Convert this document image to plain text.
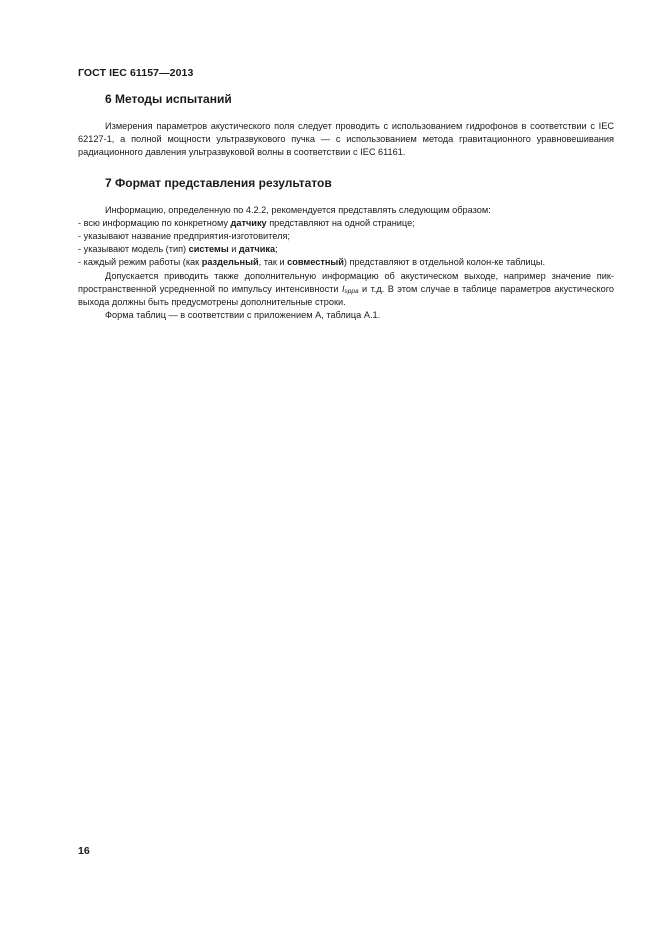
ГОСТ IEC 61157—2013
6 Методы испытаний

Измерения параметров акустического поля следует проводить с использованием гидрофонов в соответствии с IEC 62127-1, а полной мощности ультразвукового пучка — с использованием метода гравитационного уравновешивания радиационного давления ультразвуковой волны в соответствии с IEC 61161.

7 Формат представления результатов

Информацию, определенную по 4.2.2, рекомендуется представлять следующим образом:

- всю информацию по конкретному датчику представляют на одной странице;

- указывают название предприятия-изготовителя;

- указывают модель (тип) системы и датчика;

- каждый режим работы (как раздельный, так и совместный) представляют в отдельной колон-ке таблицы.

Допускается приводить также дополнительную информацию об акустическом выходе, например значение пик-пространственной усредненной по импульсу интенсивности $I_{sppa}$ и т.д. В этом случае в таблице параметров акустического выхода должны быть предусмотрены дополнительные строки.

Форма таблиц — в соответствии с приложением А, таблица А.1.

16
